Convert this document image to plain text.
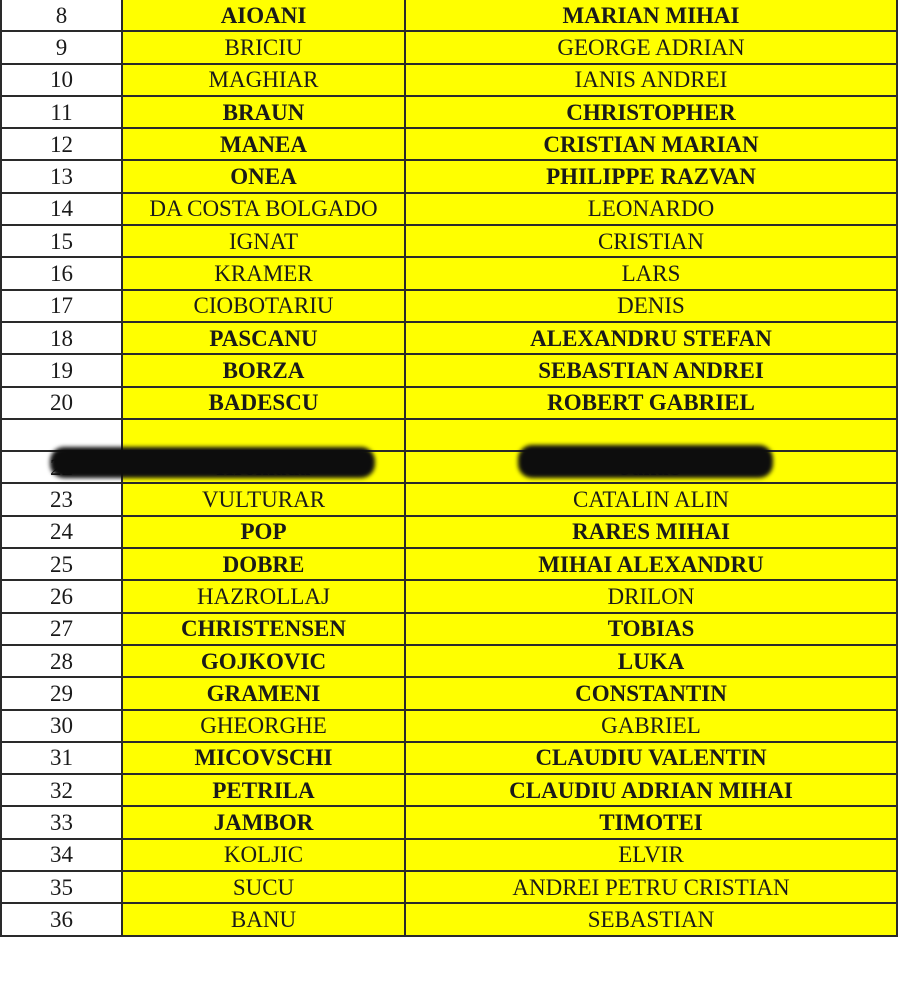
8	AIOANI	MARIAN MIHAI
9	BRICIU	GEORGE ADRIAN
10	MAGHIAR	IANIS ANDREI
11	BRAUN	CHRISTOPHER
12	MANEA	CRISTIAN MARIAN
13	ONEA	PHILIPPE RAZVAN
14	DA COSTA BOLGADO	LEONARDO
15	IGNAT	CRISTIAN
16	KRAMER	LARS
17	CIOBOTARIU	DENIS
18	PASCANU	ALEXANDRU STEFAN
19	BORZA	SEBASTIAN ANDREI
20	BADESCU	ROBERT GABRIEL

23	VULTURAR	CATALIN ALIN
24	POP	RARES MIHAI
25	DOBRE	MIHAI ALEXANDRU
26	HAZROLLAJ	DRILON
27	CHRISTENSEN	TOBIAS
28	GOJKOVIC	LUKA
29	GRAMENI	CONSTANTIN
30	GHEORGHE	GABRIEL
31	MICOVSCHI	CLAUDIU VALENTIN
32	PETRILA	CLAUDIU ADRIAN MIHAI
33	JAMBOR	TIMOTEI
34	KOLJIC	ELVIR
35	SUCU	ANDREI PETRU CRISTIAN
36	BANU	SEBASTIAN
